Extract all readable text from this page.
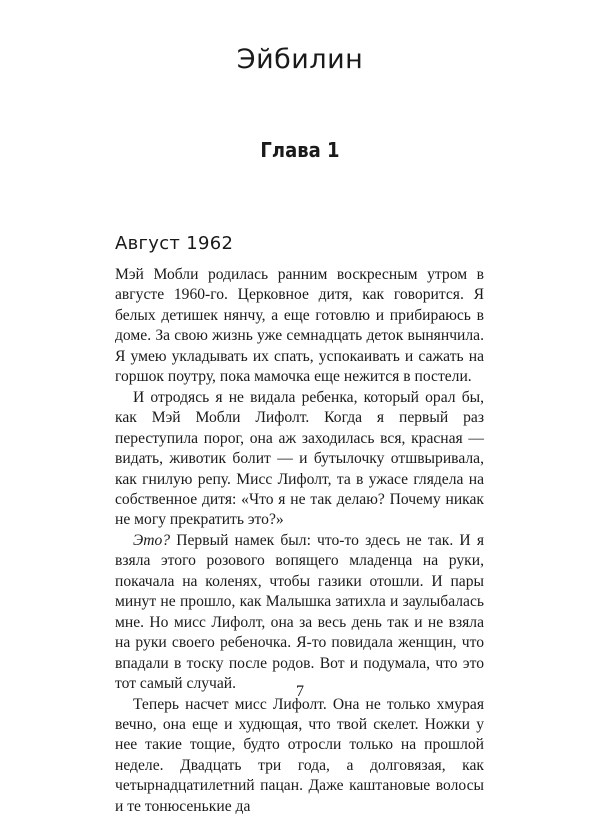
Эйбилин
Глава 1
Август 1962

Мэй Мобли родилась ранним воскресным утром в августе 1960-го. Церковное дитя, как говорится. Я белых детишек нянчу, а еще готовлю и прибираюсь в доме. За свою жизнь уже семнадцать деток вынянчила. Я умею укладывать их спать, успокаивать и сажать на горшок поутру, пока мамочка еще нежится в постели.

И отродясь я не видала ребенка, который орал бы, как Мэй Мобли Лифолт. Когда я первый раз переступила порог, она аж заходилась вся, красная — видать, животик болит — и бутылочку отшвыривала, как гнилую репу. Мисс Лифолт, та в ужасе глядела на собственное дитя: «Что я не так делаю? Почему никак не могу прекратить это?»

Это? Первый намек был: что-то здесь не так. И я взяла этого розового вопящего младенца на руки, покачала на коленях, чтобы газики отошли. И пары минут не прошло, как Малышка затихла и заулыбалась мне. Но мисс Лифолт, она за весь день так и не взяла на руки своего ребеночка. Я-то повидала женщин, что впадали в тоску после родов. Вот и подумала, что это тот самый случай.

Теперь насчет мисс Лифолт. Она не только хмурая вечно, она еще и худющая, что твой скелет. Ножки у нее такие тощие, будто отросли только на прошлой неделе. Двадцать три года, а долговязая, как четырнадцатилетний пацан. Даже каштановые волосы и те тонюсенькие да

7
